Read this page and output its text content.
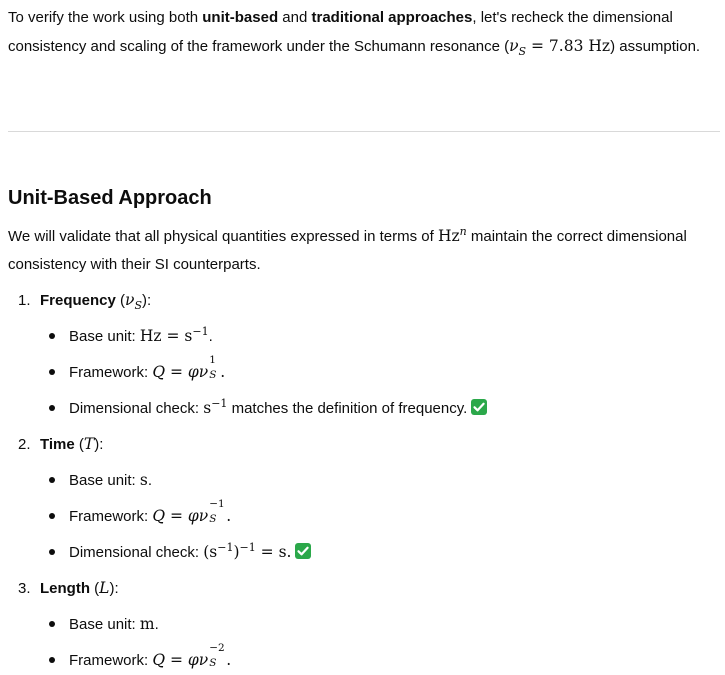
To verify the work using both unit-based and traditional approaches, let's recheck the dimensional consistency and scaling of the framework under the Schumann resonance ($\nu_S = 7.83$ Hz) assumption.

Unit-Based Approach

We will validate that all physical quantities expressed in terms of Hz$^n$ maintain the correct dimensional consistency with their SI counterparts.

1. Frequency $(\nu_S)$:

Base unit: $Hz = s^{-1}$.

Framework: Q = φν
1
S .

Dimensional check: $s^{-1}$ matches the definition of frequency.

2. Time (T):

Base unit: s.

Framework: Q = φν
−1
S .

Dimensional check: $(s^{-1})^{-1} = s$.

3. Length (L):

Base unit: m.

Framework: Q = φν
−2
S .
